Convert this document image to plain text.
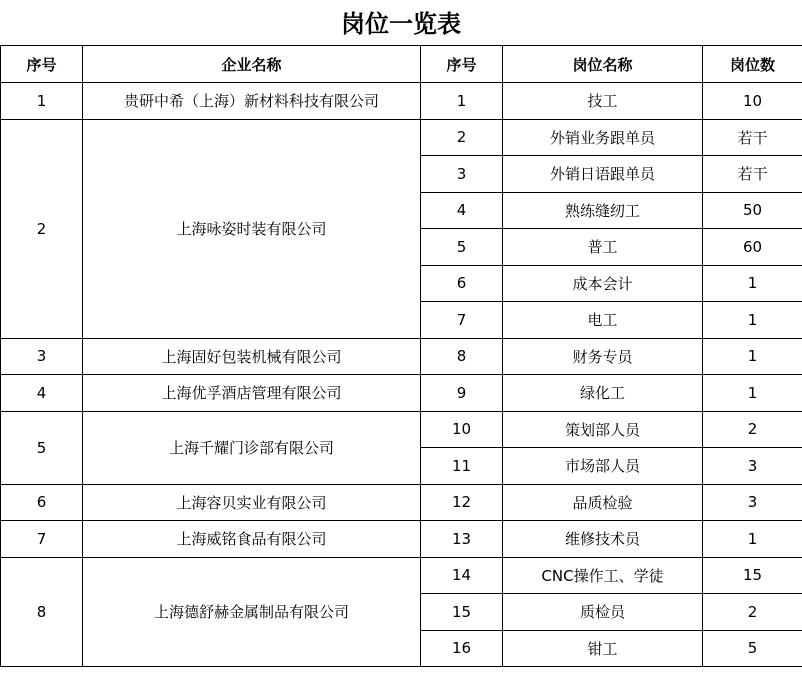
岗位一览表
序号	企业名称	序号	岗位名称	岗位数
1	贵研中希（上海）新材料科技有限公司	1	技工	10
2	上海咏姿时装有限公司	2	外销业务跟单员	若干
		3	外销日语跟单员	若干
		4	熟练缝纫工	50
		5	普工	60
		6	成本会计	1
		7	电工	1
3	上海固好包装机械有限公司	8	财务专员	1
4	上海优孚酒店管理有限公司	9	绿化工	1
5	上海千耀门诊部有限公司	10	策划部人员	2
		11	市场部人员	3
6	上海容贝实业有限公司	12	品质检验	3
7	上海威铭食品有限公司	13	维修技术员	1
8	上海德舒赫金属制品有限公司	14	CNC操作工、学徒	15
		15	质检员	2
		16	钳工	5
